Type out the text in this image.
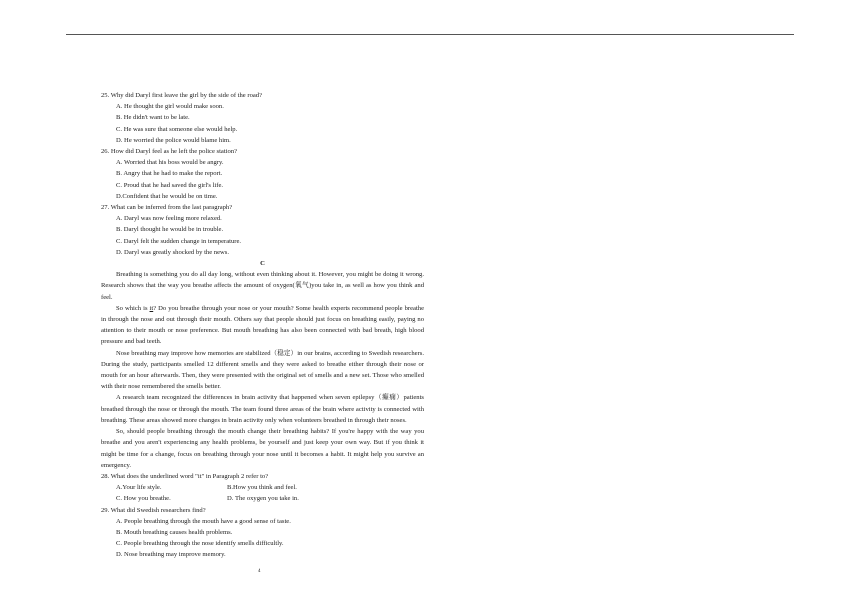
25. Why did Daryl first leave the girl by the side of the road?
A. He thought the girl would make soon.
B. He didn't want to be late.
C. He was sure that someone else would help.
D. He worried the police would blame him.
26. How did Daryl feel as he left the police station?
A. Worried that his boss would be angry.
B. Angry that he had to make the report.
C. Proud that he had saved the girl's life.
D.Confident that he would be on time.
27. What can be inferred from the last paragraph?
A. Daryl was now feeling more relaxed.
B. Daryl thought he would be in trouble.
C. Daryl felt the sudden change in temperature.
D. Daryl was greatly shocked by the news.
C
Breathing is something you do all day long, without even thinking about it. However, you might be doing it wrong. Research shows that the way you breathe affects the amount of oxygen(氧气)you take in, as well as how you think and feel.
So which is it? Do you breathe through your nose or your mouth? Some health experts recommend people breathe in through the nose and out through their mouth. Others say that people should just focus on breathing easily, paying no attention to their mouth or nose preference. But mouth breathing has also been connected with bad breath, high blood pressure and bad teeth.
Nose breathing may improve how memories are stabilized（稳定）in our brains, according to Swedish researchers. During the study, participants smelled 12 different smells and they were asked to breathe either through their nose or mouth for an hour afterwards. Then, they were presented with the original set of smells and a new set. Those who smelled with their nose remembered the smells better.
A research team recognized the differences in brain activity that happened when seven epilepsy（癫痫）patients breathed through the nose or through the mouth. The team found three areas of the brain where activity is connected with breathing. These areas showed more changes in brain activity only when volunteers breathed in through their noses.
So, should people breathing through the mouth change their breathing habits? If you're happy with the way you breathe and you aren't experiencing any health problems, be yourself and just keep your own way. But if you think it might be time for a change, focus on breathing through your nose until it becomes a habit. It might help you survive an emergency.
28. What does the underlined word "it" in Paragraph 2 refer to?
A.Your life style.	B.How you think and feel.
C. How you breathe.	D. The oxygen you take in.
29. What did Swedish researchers find?
A. People breathing through the mouth have a good sense of taste.
B. Mouth breathing causes health problems.
C. People breathing through the nose identify smells difficultly.
D. Nose breathing may improve memory.
4
